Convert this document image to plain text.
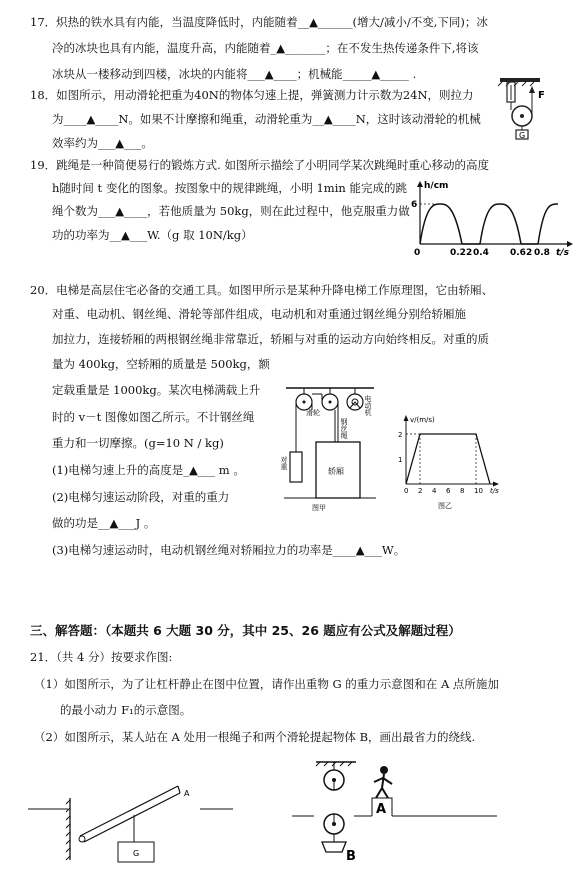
17．炽热的铁水具有内能，当温度降低时，内能随着__▲______(增大/减小/不变,下同)；冰
冷的冰块也具有内能，温度升高，内能随着_▲_______；在不发生热传递条件下,将该
冰块从一楼移动到四楼，冰块的内能将___▲____；机械能_____▲_____ .
18．如图所示，用动滑轮把重为40N的物体匀速上提，弹簧测力计示数为24N，则拉力
为____▲____N。如果不计摩擦和绳重，动滑轮重为__▲____N，这时该动滑轮的机械
效率约为___▲___。
F
G
19．跳绳是一种简便易行的锻炼方式. 如图所示描绘了小明同学某次跳绳时重心移动的高度
h随时间 t 变化的图象。按图象中的规律跳绳，小明 1min 能完成的跳
绳个数为___▲____，若他质量为 50kg，则在此过程中，他克服重力做
功的功率为__▲___W.（g 取 10N/kg）
h/cm
6
0	0.22 0.4 0.62 0.8 t/s
20．电梯是高层住宅必备的交通工具。如图甲所示是某种升降电梯工作原理图，它由轿厢、
对重、电动机、钢丝绳、滑轮等部件组成，电动机和对重通过钢丝绳分别给轿厢施
加拉力，连接轿厢的两根钢丝绳非常靠近，轿厢与对重的运动方向始终相反。对重的质
量为 400kg，空轿厢的质量是 500kg，额
定载重量是 1000kg。某次电梯满载上升
时的 v－t 图像如图乙所示。不计钢丝绳
重力和一切摩擦。(g=10 N / kg)
(1)电梯匀速上升的高度是_▲___ m 。
(2)电梯匀速运动阶段，对重的重力
做的功是__▲___J 。
(3)电梯匀速运动时，电动机钢丝绳对轿厢拉力的功率是____▲___W。
滑轮	电动机
钢丝绳
对重
轿厢
图甲
v/(m/s)
1
2
0 2 4 6 8 10 t/s
图乙
三、解答题：（本题共 6 大题 30 分，其中 25、26 题应有公式及解题过程）
21．（共 4 分）按要求作图:
（1）如图所示，为了让杠杆静止在图中位置，请作出重物 G 的重力示意图和在 A 点所施加
的最小动力 F₁的示意图。
（2）如图所示，某人站在 A 处用一根绳子和两个滑轮提起物体 B，画出最省力的绕线.
A
G	B
A
